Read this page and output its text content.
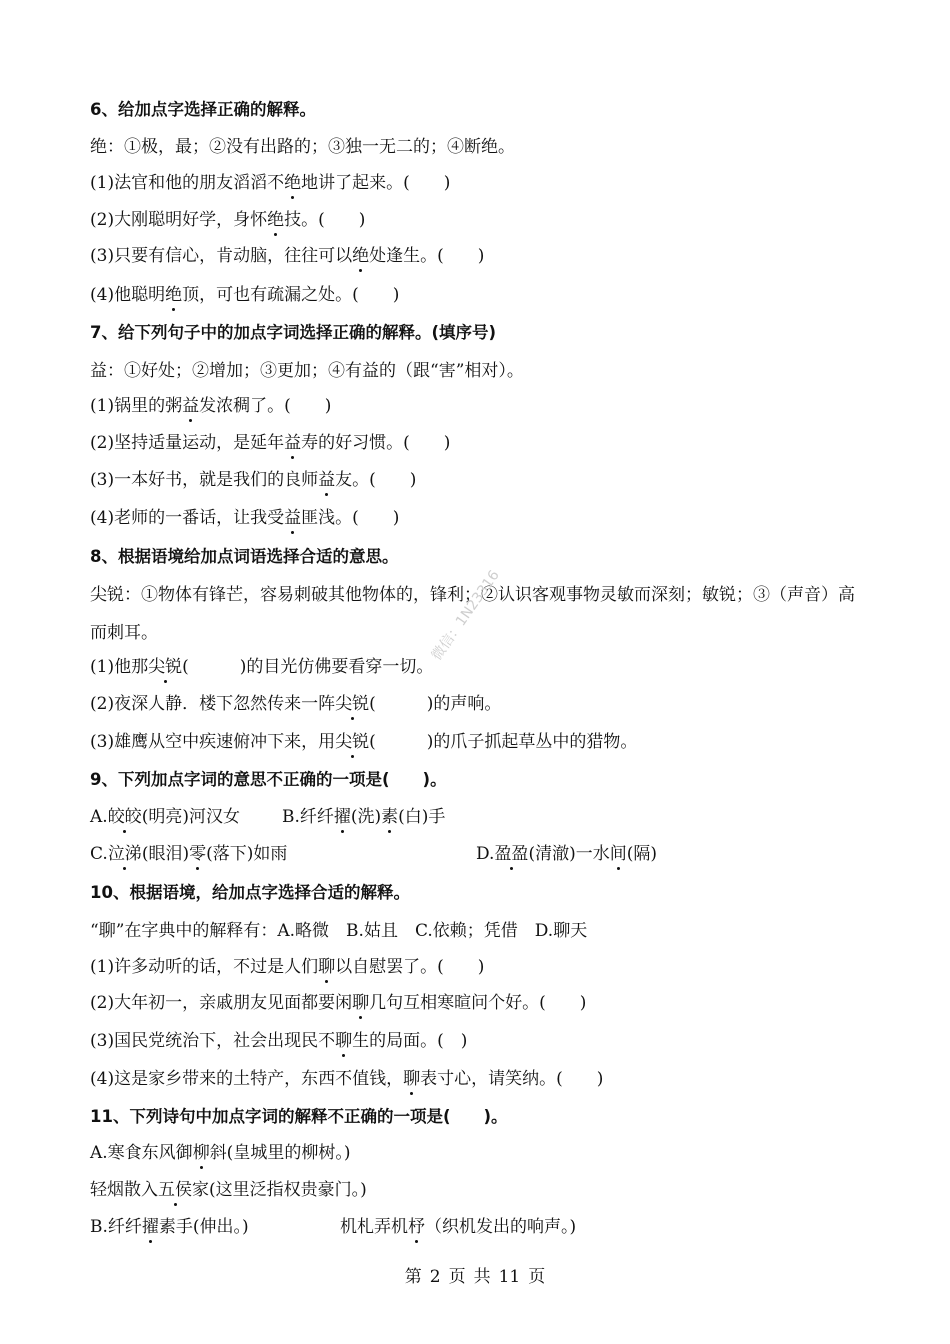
6、给加点字选择正确的解释。
绝：①极，最；②没有出路的；③独一无二的；④断绝。
(1)法官和他的朋友滔滔不绝地讲了起来。(　　)
(2)大刚聪明好学，身怀绝技。(　　)
(3)只要有信心，肯动脑，往往可以绝处逢生。(　　)
(4)他聪明绝顶，可也有疏漏之处。(　　)
7、给下列句子中的加点字词选择正确的解释。(填序号)
益：①好处；②增加；③更加；④有益的（跟“害”相对）。
(1)锅里的粥益发浓稠了。(　　)
(2)坚持适量运动，是延年益寿的好习惯。(　　)
(3)一本好书，就是我们的良师益友。(　　)
(4)老师的一番话，让我受益匪浅。(　　)
8、根据语境给加点词语选择合适的意思。
尖锐：①物体有锋芒，容易刺破其他物体的，锋利；②认识客观事物灵敏而深刻；敏锐；③（声音）高而刺耳。
(1)他那尖锐(　　　)的目光仿佛要看穿一切。
(2)夜深人静．楼下忽然传来一阵尖锐(　　　)的声响。
(3)雄鹰从空中疾速俯冲下来，用尖锐(　　　)的爪子抓起草丛中的猎物。
9、下列加点字词的意思不正确的一项是(　　)。
A.皎皎(明亮)河汉女 B.纤纤擢(洗)素(白)手
C.泣涕(眼泪)零(落下)如雨	D.盈盈(清澈)一水间(隔)
10、根据语境，给加点字选择合适的解释。
“聊”在字典中的解释有：A.略微　B.姑且　C.依赖；凭借　D.聊天
(1)许多动听的话，不过是人们聊以自慰罢了。(　　)
(2)大年初一，亲戚朋友见面都要闲聊几句互相寒暄问个好。(　　)
(3)国民党统治下，社会出现民不聊生的局面。(　)
(4)这是家乡带来的土特产，东西不值钱，聊表寸心，请笑纳。(　　)
11、下列诗句中加点字词的解释不正确的一项是(　　)。
A.寒食东风御柳斜(皇城里的柳树。)
轻烟散入五侯家(这里泛指权贵豪门。)
B.纤纤擢素手(伸出。)	机札弄机杼（织机发出的响声。)
微信：1N23316
第 2 页 共 11 页
